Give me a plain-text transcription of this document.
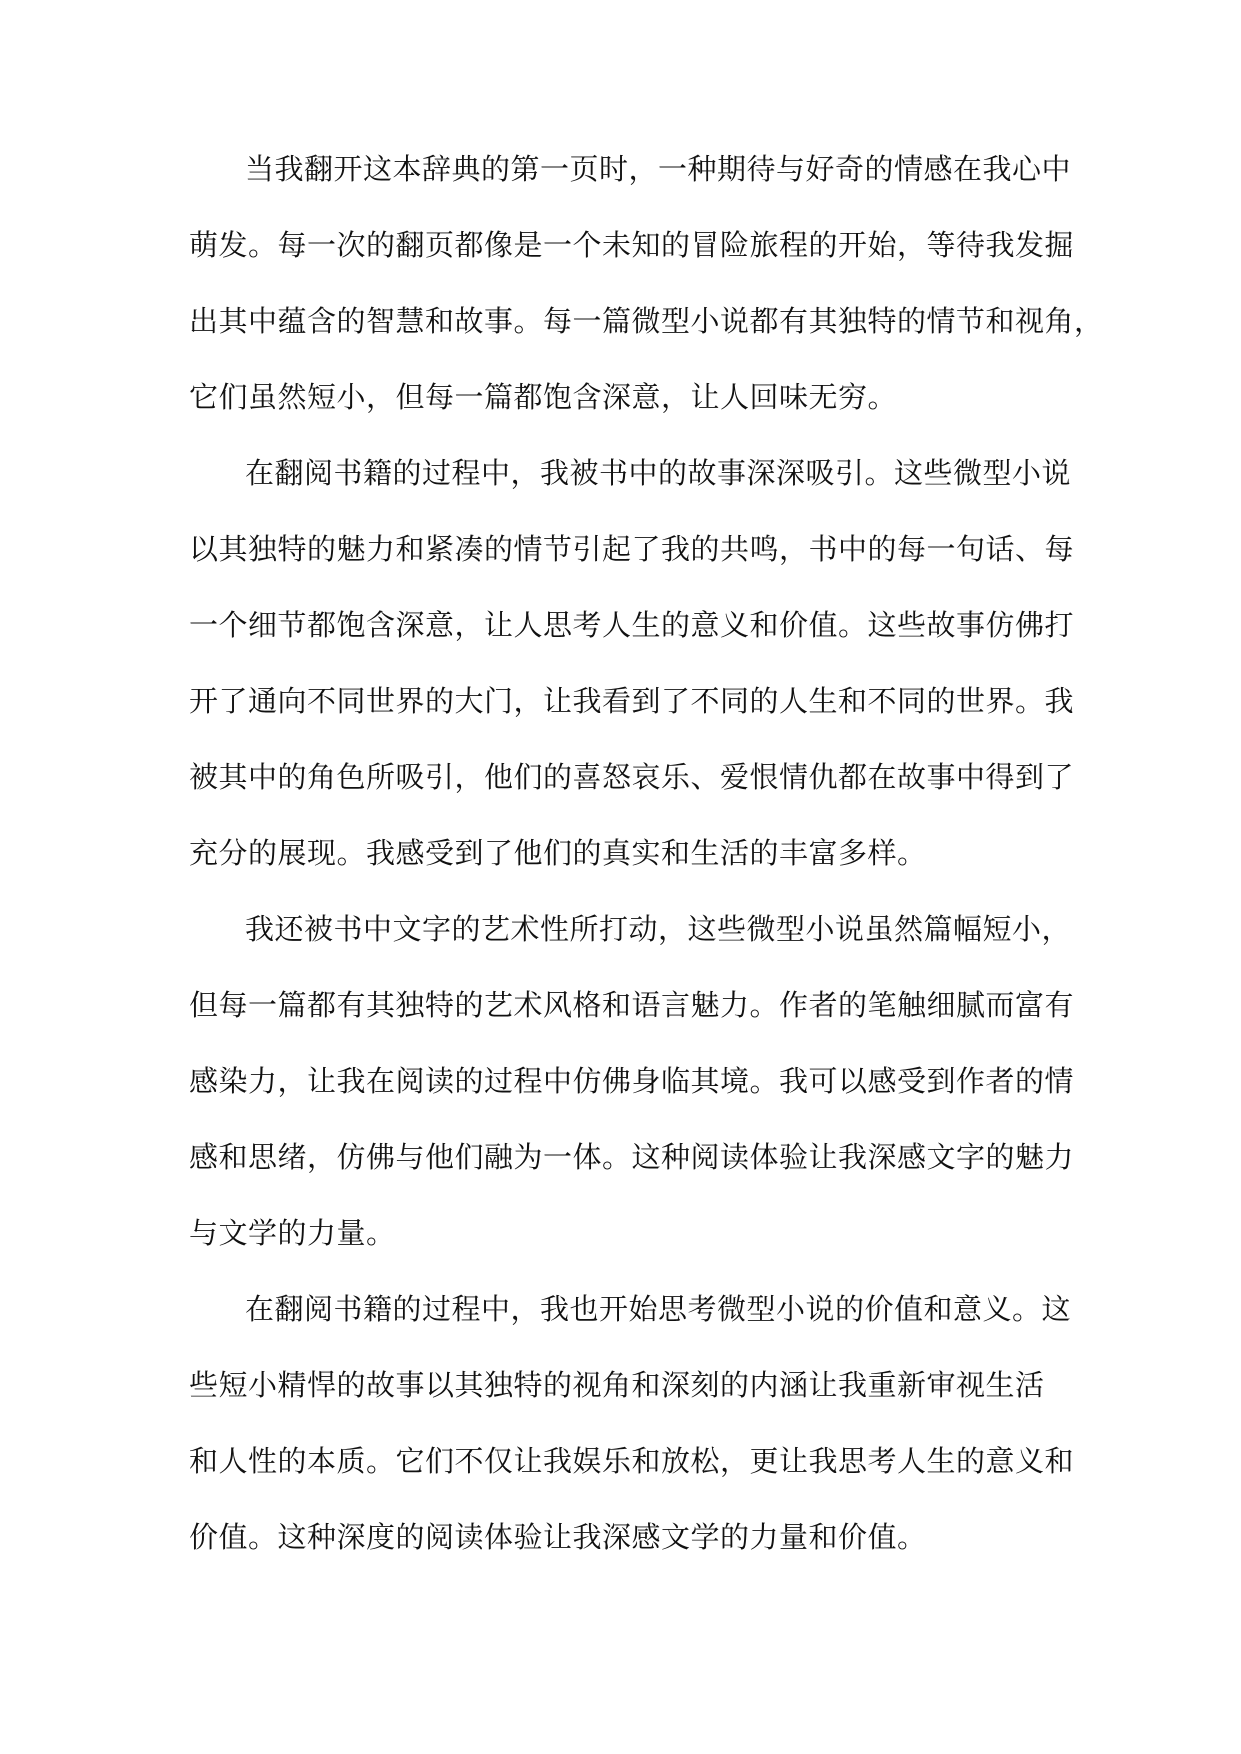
当我翻开这本辞典的第一页时，一种期待与好奇的情感在我心中
萌发。每一次的翻页都像是一个未知的冒险旅程的开始，等待我发掘
出其中蕴含的智慧和故事。每一篇微型小说都有其独特的情节和视角，
它们虽然短小，但每一篇都饱含深意，让人回味无穷。
在翻阅书籍的过程中，我被书中的故事深深吸引。这些微型小说
以其独特的魅力和紧凑的情节引起了我的共鸣，书中的每一句话、每
一个细节都饱含深意，让人思考人生的意义和价值。这些故事仿佛打
开了通向不同世界的大门，让我看到了不同的人生和不同的世界。我
被其中的角色所吸引，他们的喜怒哀乐、爱恨情仇都在故事中得到了
充分的展现。我感受到了他们的真实和生活的丰富多样。
我还被书中文字的艺术性所打动，这些微型小说虽然篇幅短小，
但每一篇都有其独特的艺术风格和语言魅力。作者的笔触细腻而富有
感染力，让我在阅读的过程中仿佛身临其境。我可以感受到作者的情
感和思绪，仿佛与他们融为一体。这种阅读体验让我深感文字的魅力
与文学的力量。
在翻阅书籍的过程中，我也开始思考微型小说的价值和意义。这
些短小精悍的故事以其独特的视角和深刻的内涵让我重新审视生活
和人性的本质。它们不仅让我娱乐和放松，更让我思考人生的意义和
价值。这种深度的阅读体验让我深感文学的力量和价值。
